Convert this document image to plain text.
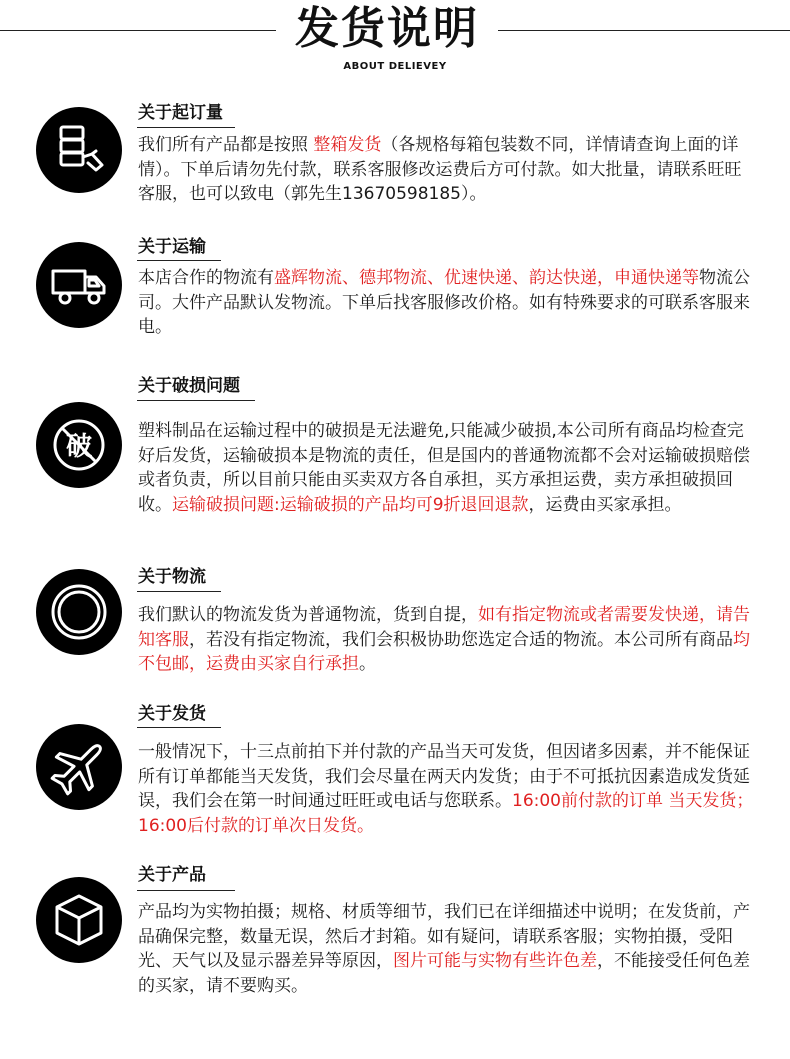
发货说明
ABOUT DELIEVEY
关于起订量
我们所有产品都是按照 整箱发货（各规格每箱包装数不同，详情请查询上面的详情）。下单后请勿先付款，联系客服修改运费后方可付款。如大批量，请联系旺旺客服，也可以致电（郭先生13670598185）。
关于运输
本店合作的物流有盛辉物流、德邦物流、优速快递、韵达快递，申通快递等物流公司。大件产品默认发物流。下单后找客服修改价格。如有特殊要求的可联系客服来电。
破
关于破损问题
塑料制品在运输过程中的破损是无法避免,只能减少破损,本公司所有商品均检查完好后发货，运输破损本是物流的责任，但是国内的普通物流都不会对运输破损赔偿或者负责，所以目前只能由买卖双方各自承担，买方承担运费，卖方承担破损回收。运输破损问题:运输破损的产品均可9折退回退款，运费由买家承担。
关于物流
我们默认的物流发货为普通物流，货到自提，如有指定物流或者需要发快递，请告知客服，若没有指定物流，我们会积极协助您选定合适的物流。本公司所有商品均不包邮，运费由买家自行承担。
关于发货
一般情况下，十三点前拍下并付款的产品当天可发货，但因诸多因素，并不能保证所有订单都能当天发货，我们会尽量在两天内发货；由于不可抵抗因素造成发货延误，我们会在第一时间通过旺旺或电话与您联系。16:00前付款的订单 当天发货； 16:00后付款的订单次日发货。
关于产品
产品均为实物拍摄；规格、材质等细节，我们已在详细描述中说明；在发货前，产品确保完整，数量无误，然后才封箱。如有疑问，请联系客服；实物拍摄，受阳光、天气以及显示器差异等原因，图片可能与实物有些许色差，不能接受任何色差的买家，请不要购买。
